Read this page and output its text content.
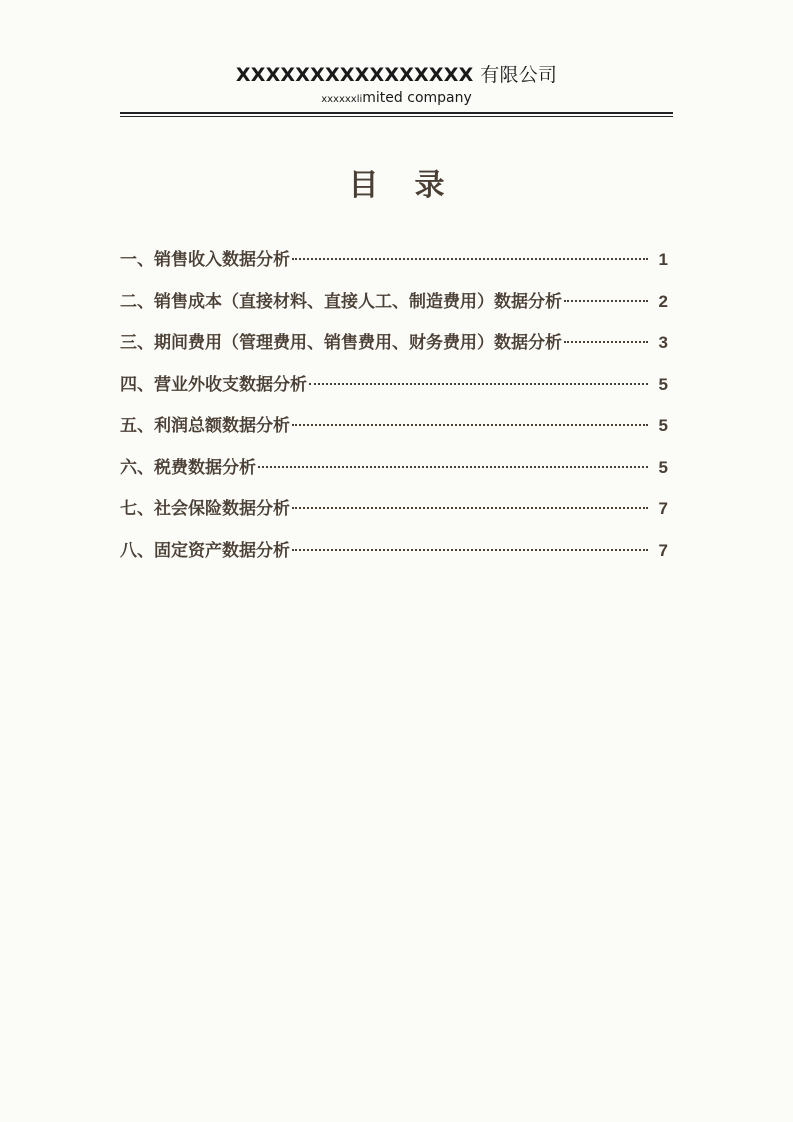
XXXXXXXXXXXXXXXX 有限公司
xxxxxxlimited company
目录
一、销售收入数据分析	1
二、销售成本（直接材料、直接人工、制造费用）数据分析	2
三、期间费用（管理费用、销售费用、财务费用）数据分析	3
四、营业外收支数据分析	5
五、利润总额数据分析	5
六、税费数据分析	5
七、社会保险数据分析	7
八、固定资产数据分析	7
